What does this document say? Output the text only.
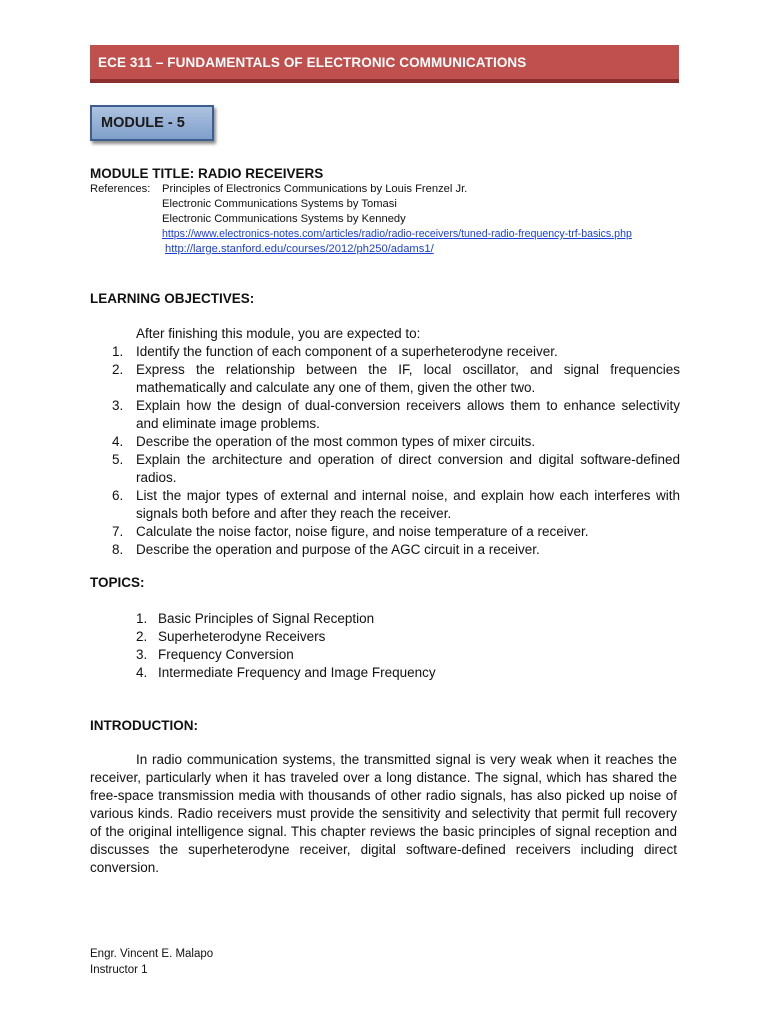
ECE 311 – FUNDAMENTALS OF ELECTRONIC COMMUNICATIONS
MODULE - 5
MODULE TITLE: RADIO RECEIVERS
References: Principles of Electronics Communications by Louis Frenzel Jr.
Electronic Communications Systems by Tomasi
Electronic Communications Systems by Kennedy
https://www.electronics-notes.com/articles/radio/radio-receivers/tuned-radio-frequency-trf-basics.php
http://large.stanford.edu/courses/2012/ph250/adams1/
LEARNING OBJECTIVES:
After finishing this module, you are expected to:
1. Identify the function of each component of a superheterodyne receiver.
2. Express the relationship between the IF, local oscillator, and signal frequencies mathematically and calculate any one of them, given the other two.
3. Explain how the design of dual-conversion receivers allows them to enhance selectivity and eliminate image problems.
4. Describe the operation of the most common types of mixer circuits.
5. Explain the architecture and operation of direct conversion and digital software-defined radios.
6. List the major types of external and internal noise, and explain how each interferes with signals both before and after they reach the receiver.
7. Calculate the noise factor, noise figure, and noise temperature of a receiver.
8. Describe the operation and purpose of the AGC circuit in a receiver.
TOPICS:
1. Basic Principles of Signal Reception
2. Superheterodyne Receivers
3. Frequency Conversion
4. Intermediate Frequency and Image Frequency
INTRODUCTION:

In radio communication systems, the transmitted signal is very weak when it reaches the receiver, particularly when it has traveled over a long distance. The signal, which has shared the free-space transmission media with thousands of other radio signals, has also picked up noise of various kinds. Radio receivers must provide the sensitivity and selectivity that permit full recovery of the original intelligence signal. This chapter reviews the basic principles of signal reception and discusses the superheterodyne receiver, digital software-defined receivers including direct conversion.

Engr. Vincent E. Malapo
Instructor 1
